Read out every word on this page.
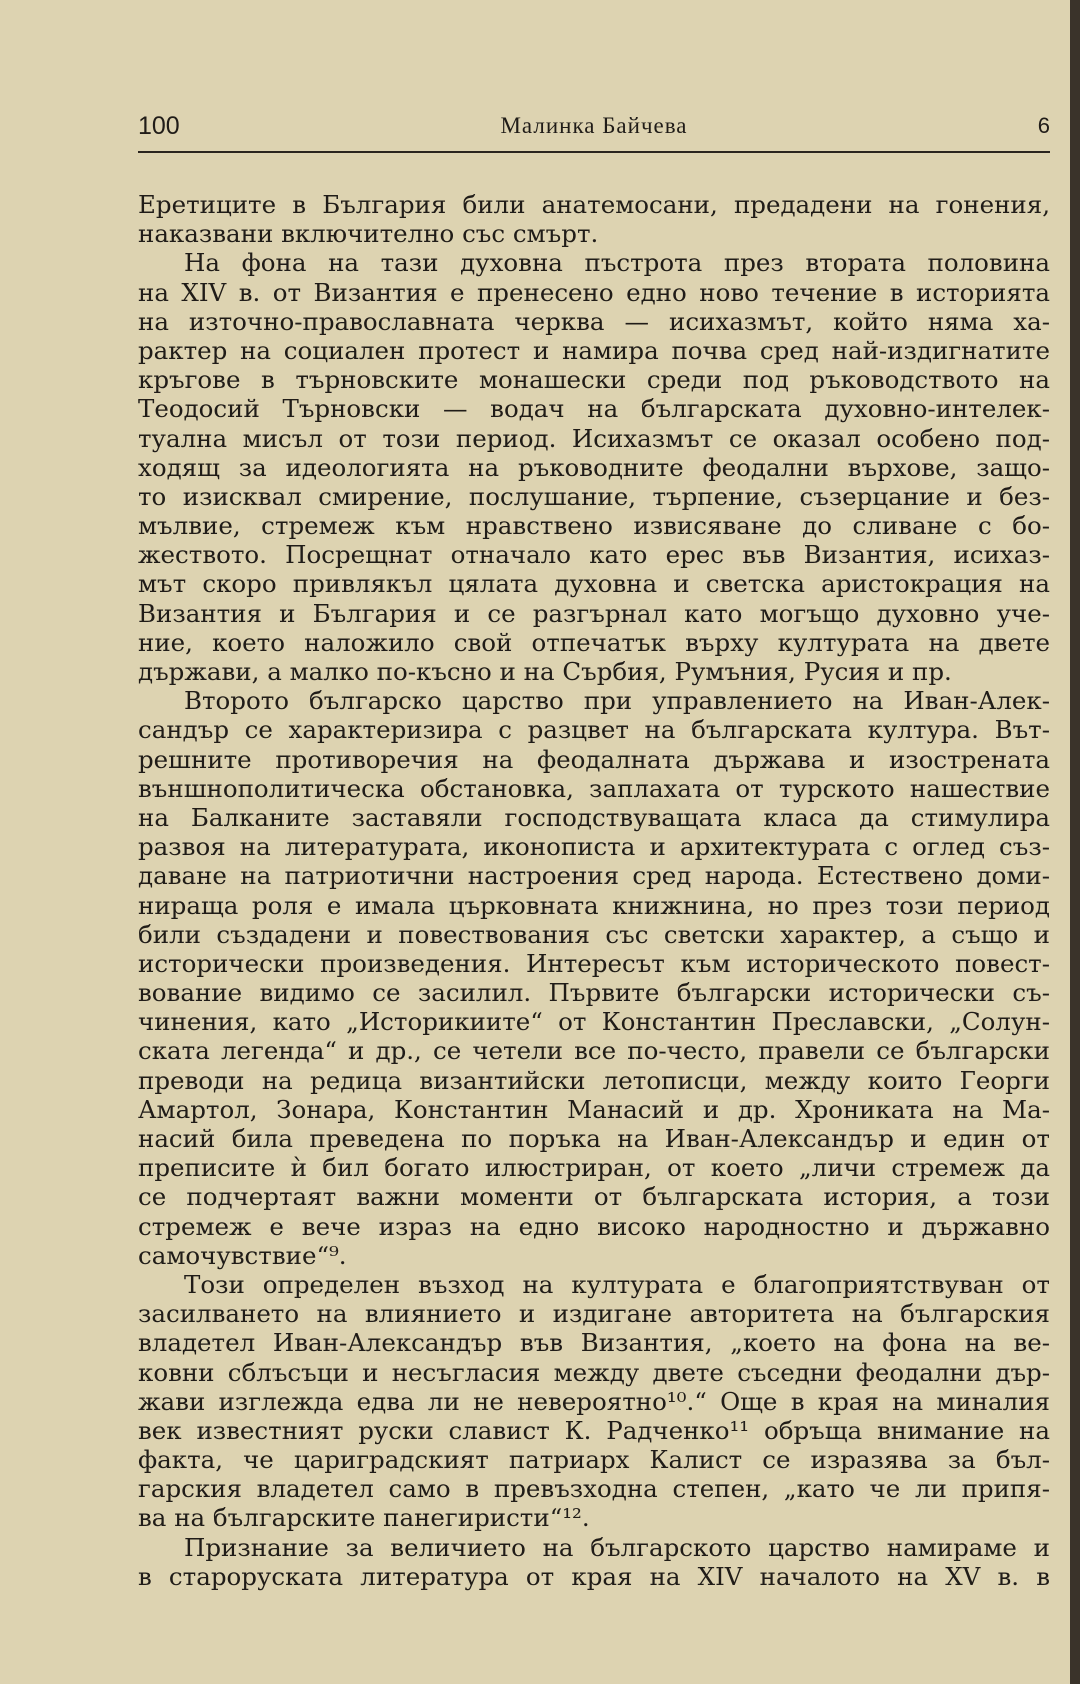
100	Малинка Байчева	6
Еретиците в България били анатемосани, предадени на гонения,
наказвани включително със смърт.
На фона на тази духовна пъстрота през втората половина
на XIV в. от Византия е пренесено едно ново течение в историята
на източно-православната черква — исихазмът, който няма ха-
рактер на социален протест и намира почва сред най-издигнатите
кръгове в търновските монашески среди под ръководството на
Теодосий Търновски — водач на българската духовно-интелек-
туална мисъл от този период. Исихазмът се оказал особено под-
ходящ за идеологията на ръководните феодални върхове, защо-
то изисквал смирение, послушание, търпение, съзерцание и без-
мълвие, стремеж към нравствено извисяване до сливане с бо-
жеството. Посрещнат отначало като ерес във Византия, исихаз-
мът скоро привлякъл цялата духовна и светска аристокрация на
Византия и България и се разгърнал като могъщо духовно уче-
ние, което наложило свой отпечатък върху културата на двете
държави, а малко по-късно и на Сърбия, Румъния, Русия и пр.
Второто българско царство при управлението на Иван-Алек-
сандър се характеризира с разцвет на българската култура. Вът-
решните противоречия на феодалната държава и изострената
външнополитическа обстановка, заплахата от турското нашествие
на Балканите заставяли господствуващата класа да стимулира
развоя на литературата, иконописта и архитектурата с оглед съз-
даване на патриотични настроения сред народа. Естествено доми-
нираща роля е имала църковната книжнина, но през този период
били създадени и повествования със светски характер, а също и
исторически произведения. Интересът към историческото повест-
вование видимо се засилил. Първите български исторически съ-
чинения, като „Историкиите“ от Константин Преславски, „Солун-
ската легенда“ и др., се четели все по-често, правели се български
преводи на редица византийски летописци, между които Георги
Амартол, Зонара, Константин Манасий и др. Хрониката на Ма-
насий била преведена по поръка на Иван-Александър и един от
преписите ѝ бил богато илюстриран, от което „личи стремеж да
се подчертаят важни моменти от българската история, а този
стремеж е вече израз на едно високо народностно и държавно
самочувствие“⁹.
Този определен възход на културата е благоприятствуван от
засилването на влиянието и издигане авторитета на българския
владетел Иван-Александър във Византия, „което на фона на ве-
ковни сблъсъци и несъгласия между двете съседни феодални дър-
жави изглежда едва ли не невероятно¹⁰.“ Още в края на миналия
век известният руски славист К. Радченко¹¹ обръща внимание на
факта, че цариградският патриарх Калист се изразява за бъл-
гарския владетел само в превъзходна степен, „като че ли припя-
ва на българските панегиристи“¹².
Признание за величието на българското царство намираме и
в староруската литература от края на XIV началото на XV в. в
